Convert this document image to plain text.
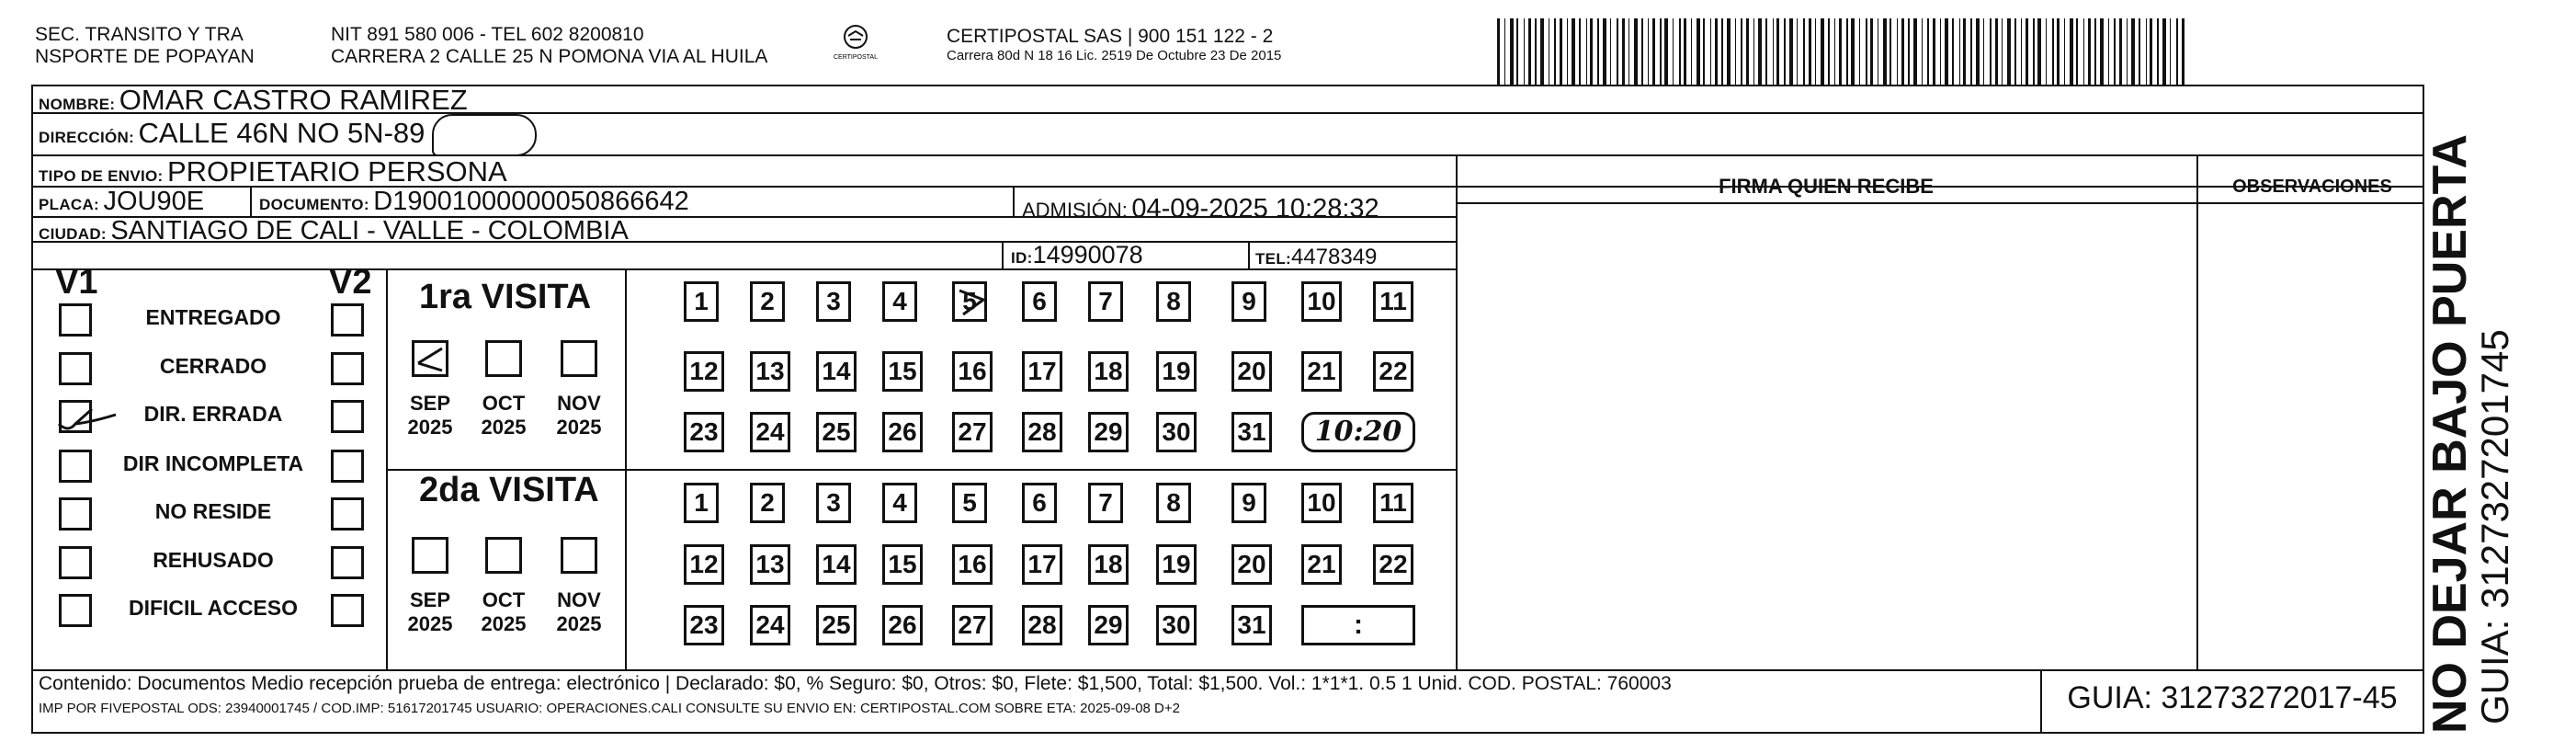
SEC. TRANSITO Y TRA
NSPORTE DE POPAYAN
NIT 891 580 006 - TEL 602 8200810
CARRERA 2 CALLE 25 N POMONA VIA AL HUILA	CERTIPOSTAL
CERTIPOSTAL SAS | 900 151 122 - 2
Carrera 80d N 18 16 Lic. 2519 De Octubre 23 De 2015
NOMBRE: OMAR CASTRO RAMIREZ
DIRECCIÓN: CALLE 46N NO 5N-89
TIPO DE ENVIO: PROPIETARIO PERSONA
PLACA: JOU90E	DOCUMENTO: D19001000000050866642	ADMISIÓN: 04-09-2025 10:28:32
CIUDAD: SANTIAGO DE CALI - VALLE - COLOMBIA
ID:14990078	TEL:4478349
FIRMA QUIEN RECIBE	OBSERVACIONES
V1	V2
ENTREGADO
CERRADO
DIR. ERRADA
DIR INCOMPLETA
NO RESIDE
REHUSADO
DIFICIL ACCESO
1ra VISITA
2da VISITA
SEP
2025
OCT
2025
NOV
2025
SEP
2025
OCT
2025
NOV
2025
1	2	3	4	5	6	7	8	9	10 11
12 13 14 15 16 17 18 19 20 21 22
23 24 25 26 27 28 29 30 31	10:20
1	2	3	4	5	6	7	8	9	10 11
12 13 14 15 16 17 18 19 20 21 22
23 24 25 26 27 28 29 30 31	:
Contenido: Documentos Medio recepción prueba de entrega: electrónico | Declarado: $0, % Seguro: $0, Otros: $0, Flete: $1,500, Total: $1,500. Vol.: 1*1*1. 0.5 1 Unid. COD. POSTAL: 760003
IMP POR FIVEPOSTAL ODS: 23940001745 / COD.IMP: 51617201745 USUARIO: OPERACIONES.CALI CONSULTE SU ENVIO EN: CERTIPOSTAL.COM SOBRE ETA: 2025-09-08 D+2	GUIA: 31273272017-45 NO DEJAR BAJO PUERTA
GUIA: 3127327201745
